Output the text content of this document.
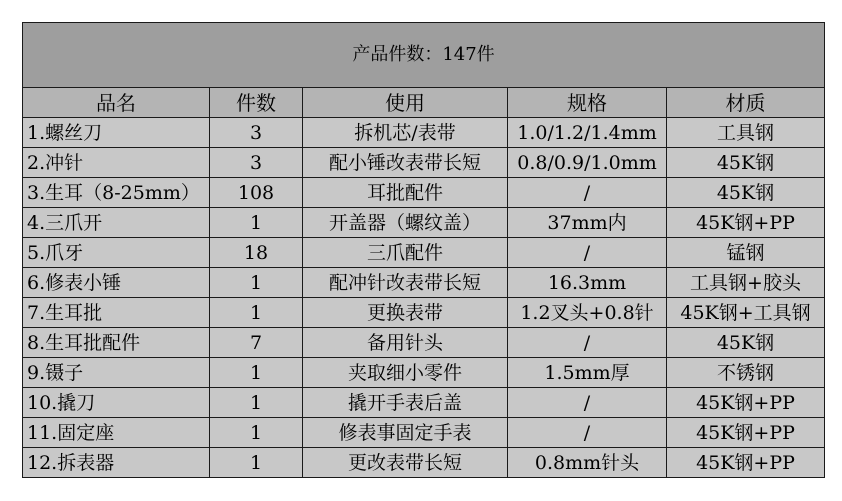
产品件数：147件				
品名	件数	使用	规格	材质
1.螺丝刀	3	拆机芯/表带	1.0/1.2/1.4mm	工具钢
2.冲针	3	配小锤改表带长短	0.8/0.9/1.0mm	45K钢
3.生耳（8-25mm）	108	耳批配件	/	45K钢
4.三爪开	1	开盖器（螺纹盖）	37mm内	45K钢+PP
5.爪牙	18	三爪配件	/	锰钢
6.修表小锤	1	配冲针改表带长短	16.3mm	工具钢+胶头
7.生耳批	1	更换表带	1.2叉头+0.8针	45K钢+工具钢
8.生耳批配件	7	备用针头	/	45K钢
9.镊子	1	夹取细小零件	1.5mm厚	不锈钢
10.撬刀	1	撬开手表后盖	/	45K钢+PP
11.固定座	1	修表事固定手表	/	45K钢+PP
12.拆表器	1	更改表带长短	0.8mm针头	45K钢+PP
